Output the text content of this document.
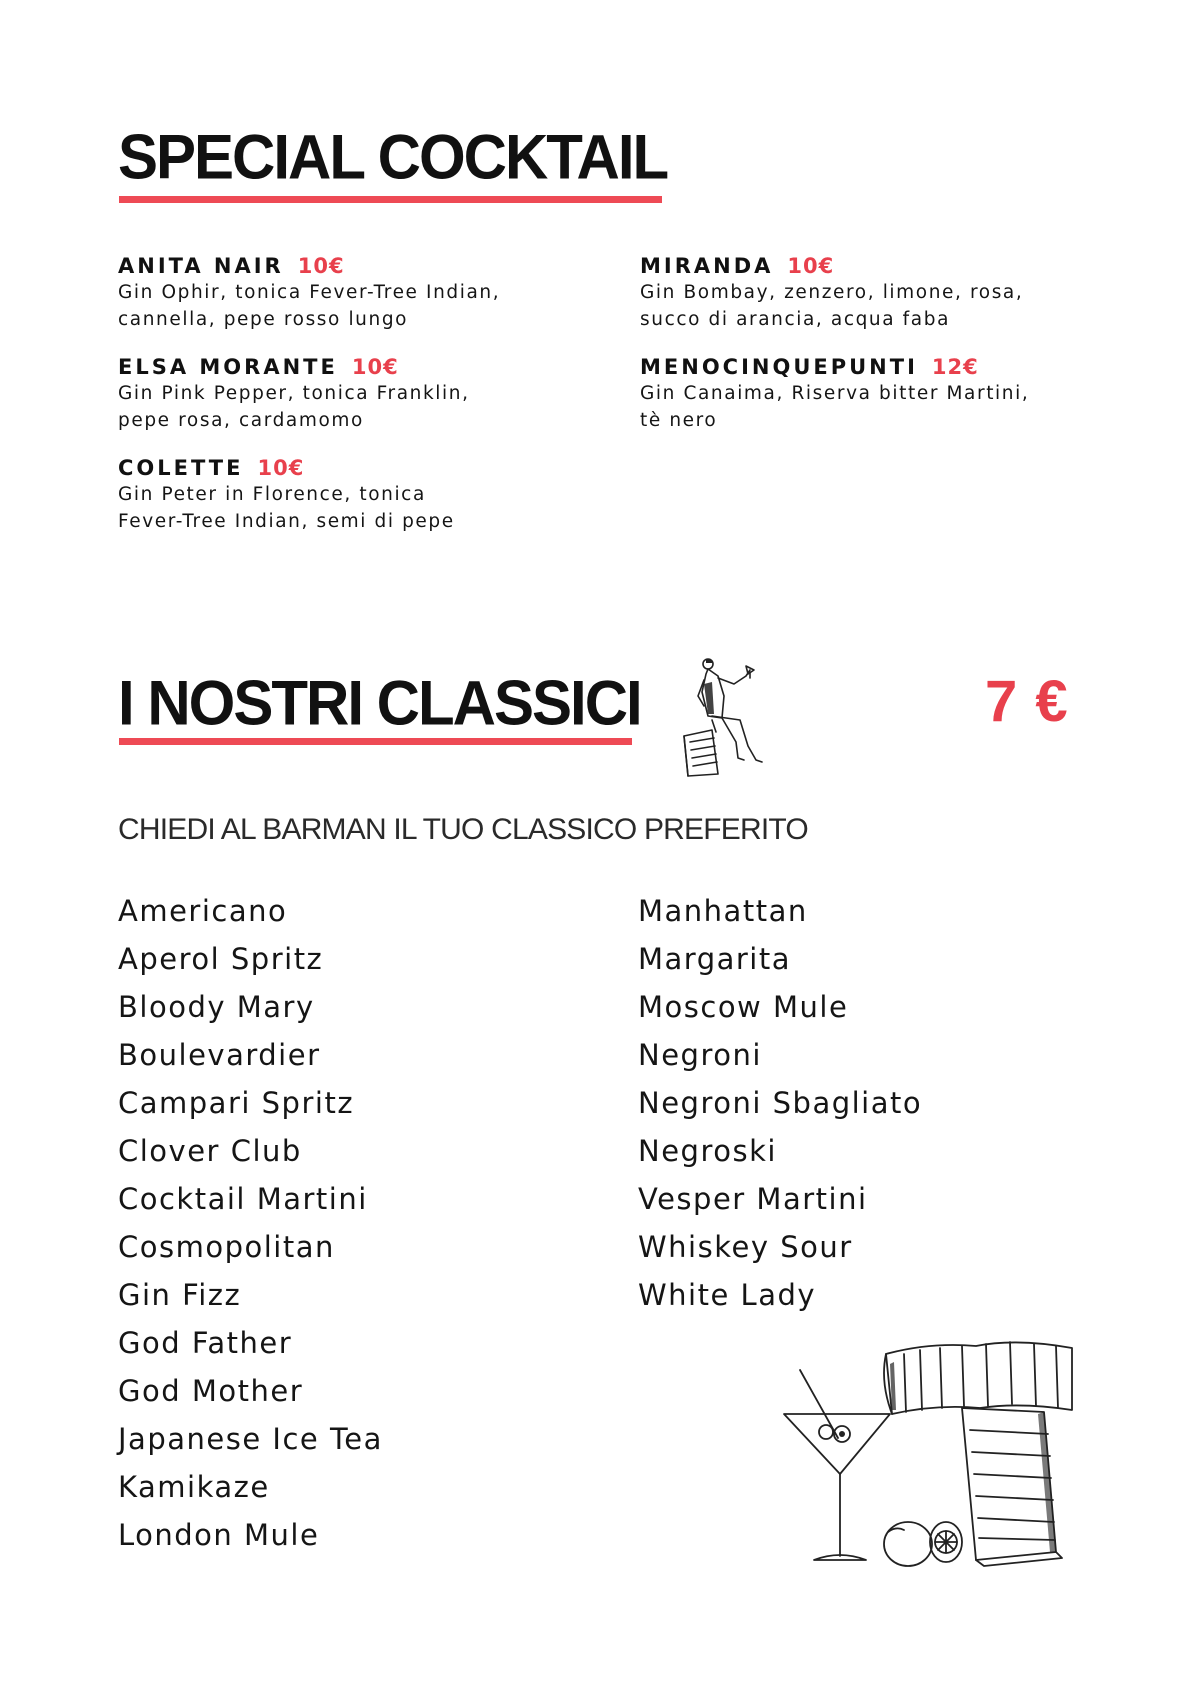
SPECIAL COCKTAIL
ANITA NAIR 10€
Gin Ophir, tonica Fever-Tree Indian,
cannella, pepe rosso lungo
ELSA MORANTE 10€
Gin Pink Pepper, tonica Franklin,
pepe rosa, cardamomo
COLETTE 10€
Gin Peter in Florence, tonica
Fever-Tree Indian, semi di pepe
MIRANDA 10€
Gin Bombay, zenzero, limone, rosa,
succo di arancia, acqua faba
MENOCINQUEPUNTI 12€
Gin Canaima, Riserva bitter Martini,
tè nero
I NOSTRI CLASSICI	7 €
CHIEDI AL BARMAN IL TUO CLASSICO PREFERITO
Americano
Aperol Spritz
Bloody Mary
Boulevardier
Campari Spritz
Clover Club
Cocktail Martini
Cosmopolitan
Gin Fizz
God Father
God Mother
Japanese Ice Tea
Kamikaze
London Mule
Manhattan
Margarita
Moscow Mule
Negroni
Negroni Sbagliato
Negroski
Vesper Martini
Whiskey Sour
White Lady
